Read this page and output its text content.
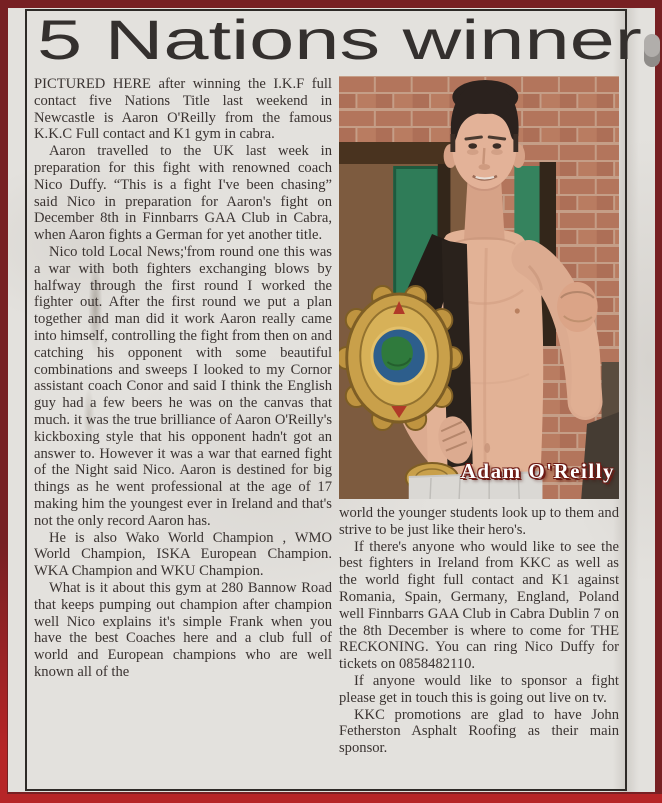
5 Nations winner

PICTURED HERE after winning the I.K.F full contact five Nations Title last weekend in Newcastle is Aaron O'Reilly from the famous K.K.C Full contact and K1 gym in cabra.

Aaron travelled to the UK last week in preparation for this fight with renowned coach Nico Duffy. “This is a fight I've been chasing” said Nico in preparation for Aaron's fight on December 8th in Finnbarrs GAA Club in Cabra, when Aaron fights a German for yet another title.

Nico told Local News;'from round one this was a war with both fighters exchanging blows by halfway through the first round I worked the fighter out. After the first round we put a plan together and man did it work Aaron really came into himself, controlling the fight from then on and catching his opponent with some beautiful combinations and sweeps I looked to my Cornor assistant coach Conor and said I think the English guy had a few beers he was on the canvas that much. it was the true brilliance of Aaron O'Reilly's kickboxing style that his opponent hadn't got an answer to. However it was a war that earned fight of the Night said Nico. Aaron is destined for big things as he went professional at the age of 17 making him the youngest ever in Ireland and that's not the only record Aaron has.

He is also Wako World Champion , WMO World Champion, ISKA European Champion. WKA Champion and WKU Champion.

What is it about this gym at 280 Bannow Road that keeps pumping out champion after champion well Nico explains it's simple Frank when you have the best Coaches here and a club full of world and European champions who are well known all of the

Adam O'Reilly

world the younger students look up to them and strive to be just like their hero's.

If there's anyone who would like to see the best fighters in Ireland from KKC as well as the world fight full contact and K1 against Romania, Spain, Germany, England, Poland well Finnbarrs GAA Club in Cabra Dublin 7 on the 8th December is where to come for THE RECKONING. You can ring Nico Duffy for tickets on 0858482110.

If anyone would like to sponsor a fight please get in touch this is going out live on tv.

KKC promotions are glad to have John Fetherston Asphalt Roofing as their main sponsor.
